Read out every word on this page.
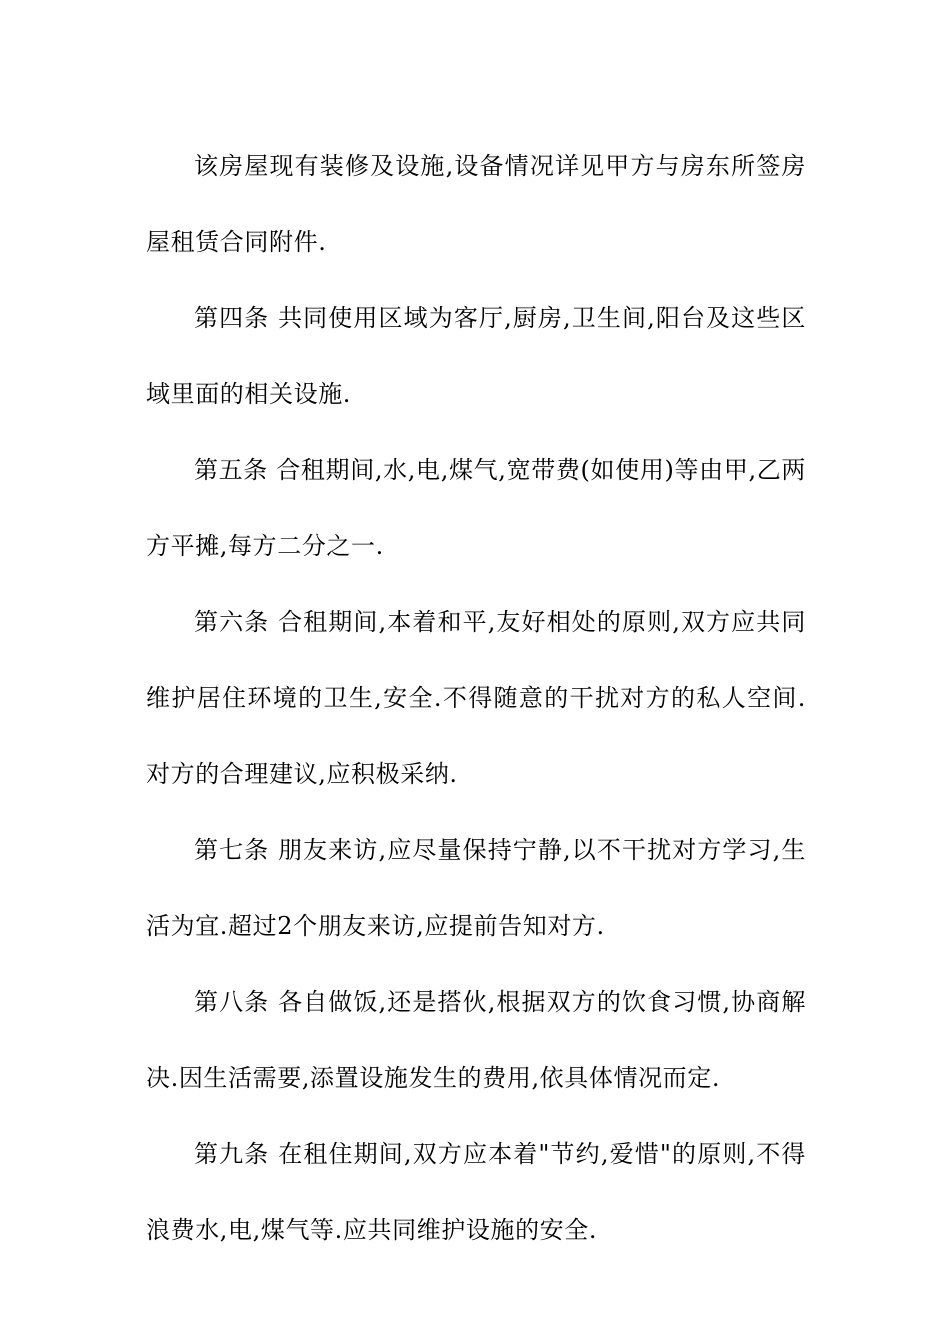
该房屋现有装修及设施,设备情况详见甲方与房东所签房屋租赁合同附件.

第四条 共同使用区域为客厅,厨房,卫生间,阳台及这些区域里面的相关设施.

第五条 合租期间,水,电,煤气,宽带费(如使用)等由甲,乙两方平摊,每方二分之一.

第六条 合租期间,本着和平,友好相处的原则,双方应共同维护居住环境的卫生,安全.不得随意的干扰对方的私人空间.对方的合理建议,应积极采纳.

第七条 朋友来访,应尽量保持宁静,以不干扰对方学习,生活为宜.超过2个朋友来访,应提前告知对方.

第八条 各自做饭,还是搭伙,根据双方的饮食习惯,协商解决.因生活需要,添置设施发生的费用,依具体情况而定.

第九条 在租住期间,双方应本着"节约,爱惜"的原则,不得浪费水,电,煤气等.应共同维护设施的安全.
